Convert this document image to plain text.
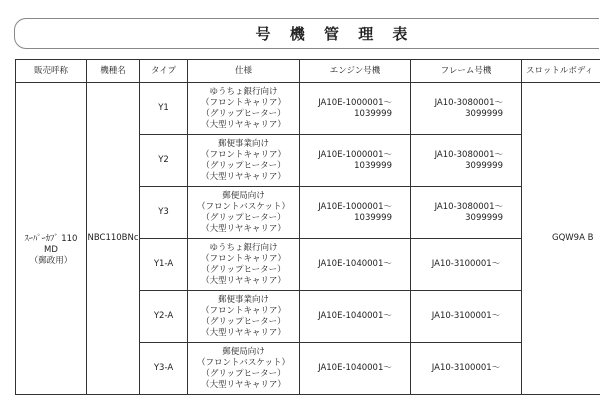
号 機 管 理 表
販売呼称	機種名	タイプ	仕様	エンジン号機	フレーム号機	スロットルボディ

ｽｰﾊﾟｰｶﾌﾞ 110
MD
（郵政用）	NBC110BNc	Y1	ゆうちょ銀行向け
（フロントキャリア）
（グリップヒーター）
（大型リヤキャリア）	JA10E-1000001～
1039999	JA10-3080001～
3099999	GQW9A B
		Y2	郵便事業向け
（フロントキャリア）
（グリップヒーター）
（大型リヤキャリア）	JA10E-1000001～
1039999	JA10-3080001～
3099999	

		Y3	郵便局向け
（フロントバスケット）
（グリップヒーター）
（大型リヤキャリア）	JA10E-1000001～
1039999	JA10-3080001～
3099999	

		Y1-A	ゆうちょ銀行向け
（フロントキャリア）
（グリップヒーター）
（大型リヤキャリア）	JA10E-1040001～	JA10-3100001～	

		Y2-A	郵便事業向け
（フロントキャリア）
（グリップヒーター）
（大型リヤキャリア）	JA10E-1040001～	JA10-3100001～	

		Y3-A	郵便局向け
（フロントバスケット）
（グリップヒーター）
（大型リヤキャリア）	JA10E-1040001～	JA10-3100001～	
